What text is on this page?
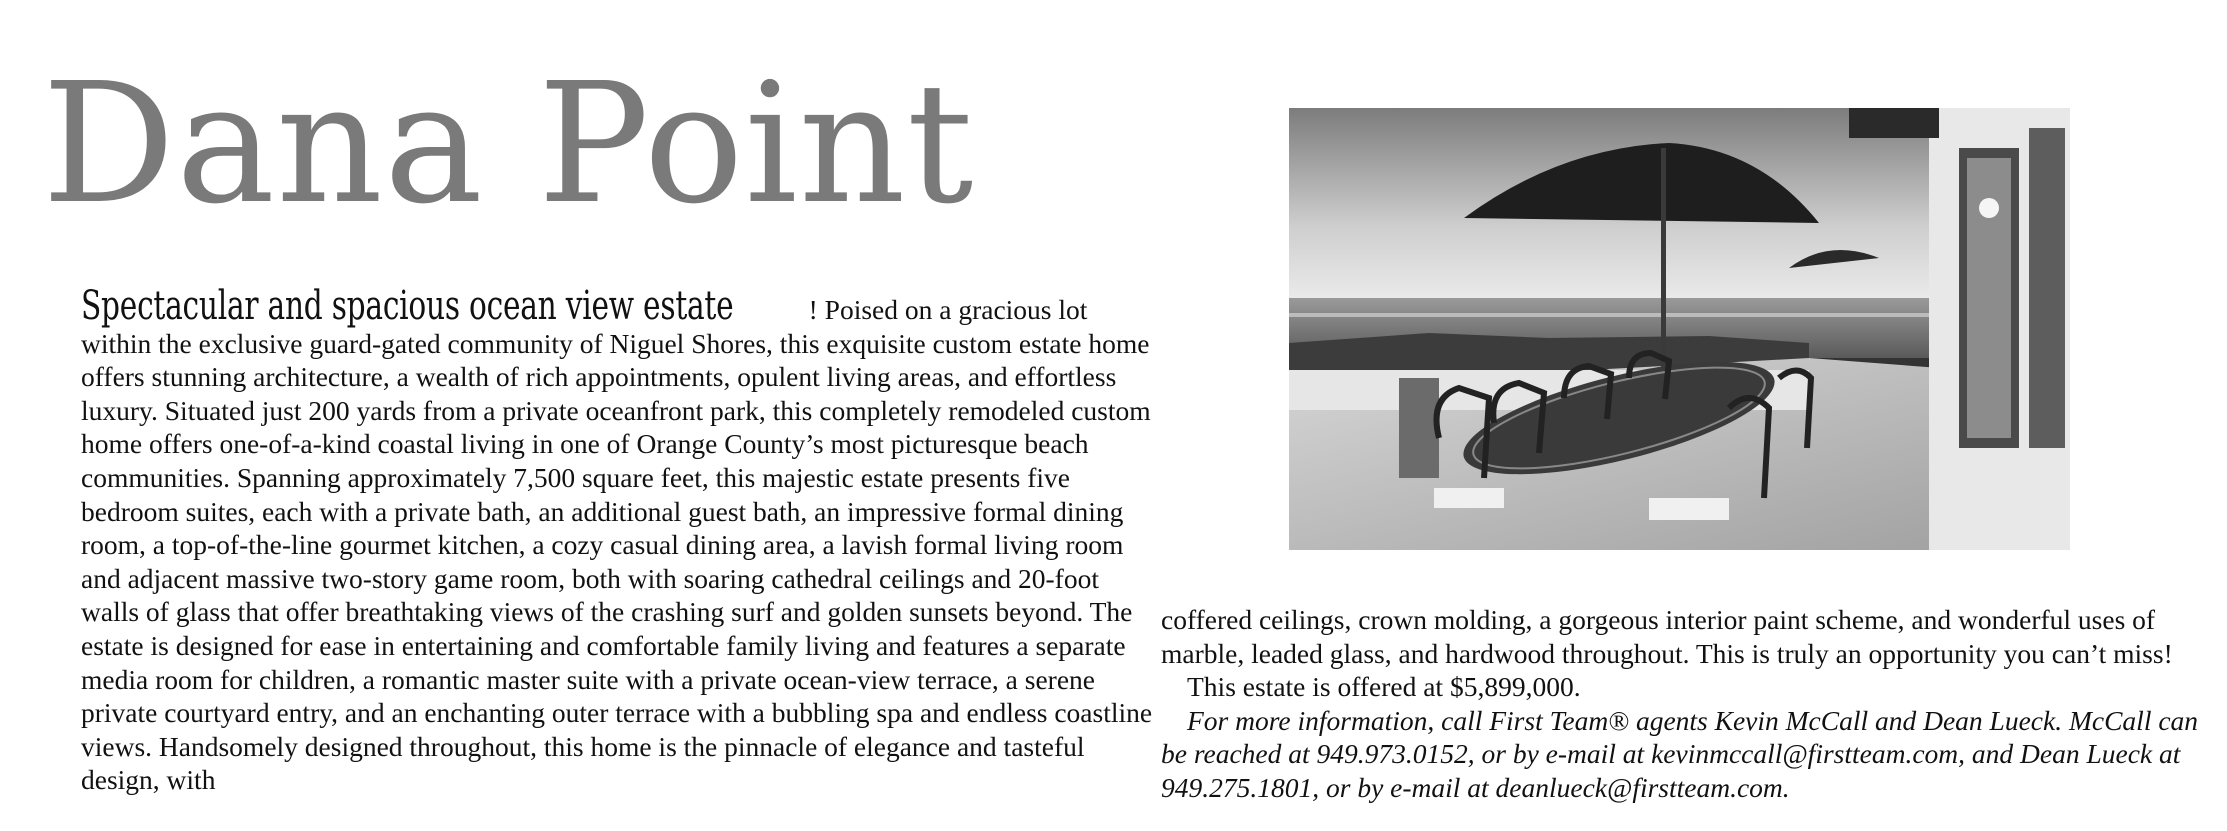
Dana Point

Spectacular and spacious ocean view estate	! Poised on a gracious lot within the exclusive guard-gated community of Niguel Shores, this exquisite custom estate home offers stunning architecture, a wealth of rich appointments, opulent living areas, and effortless luxury. Situated just 200 yards from a private oceanfront park, this completely remodeled custom home offers one-of-a-kind coastal living in one of Orange County’s most picturesque beach communities. Spanning approximately 7,500 square feet, this majestic estate presents five bedroom suites, each with a private bath, an additional guest bath, an impressive formal dining room, a top-of-the-line gourmet kitchen, a cozy casual dining area, a lavish formal living room and adjacent massive two-story game room, both with soaring cathedral ceilings and 20-foot walls of glass that offer breathtaking views of the crashing surf and golden sunsets beyond. The estate is designed for ease in entertaining and comfortable family living and features a separate media room for children, a romantic master suite with a private ocean-view terrace, a serene private courtyard entry, and an enchanting outer terrace with a bubbling spa and endless coastline views. Handsomely designed throughout, this home is the pinnacle of elegance and tasteful design, with

coffered ceilings, crown molding, a gorgeous interior paint scheme, and wonderful uses of marble, leaded glass, and hardwood throughout. This is truly an opportunity you can’t miss!

This estate is offered at $5,899,000.

For more information, call First Team® agents Kevin McCall and Dean Lueck. McCall can be reached at 949.973.0152, or by e-mail at kevinmccall@firstteam.com, and Dean Lueck at 949.275.1801, or by e-mail at deanlueck@firstteam.com.
